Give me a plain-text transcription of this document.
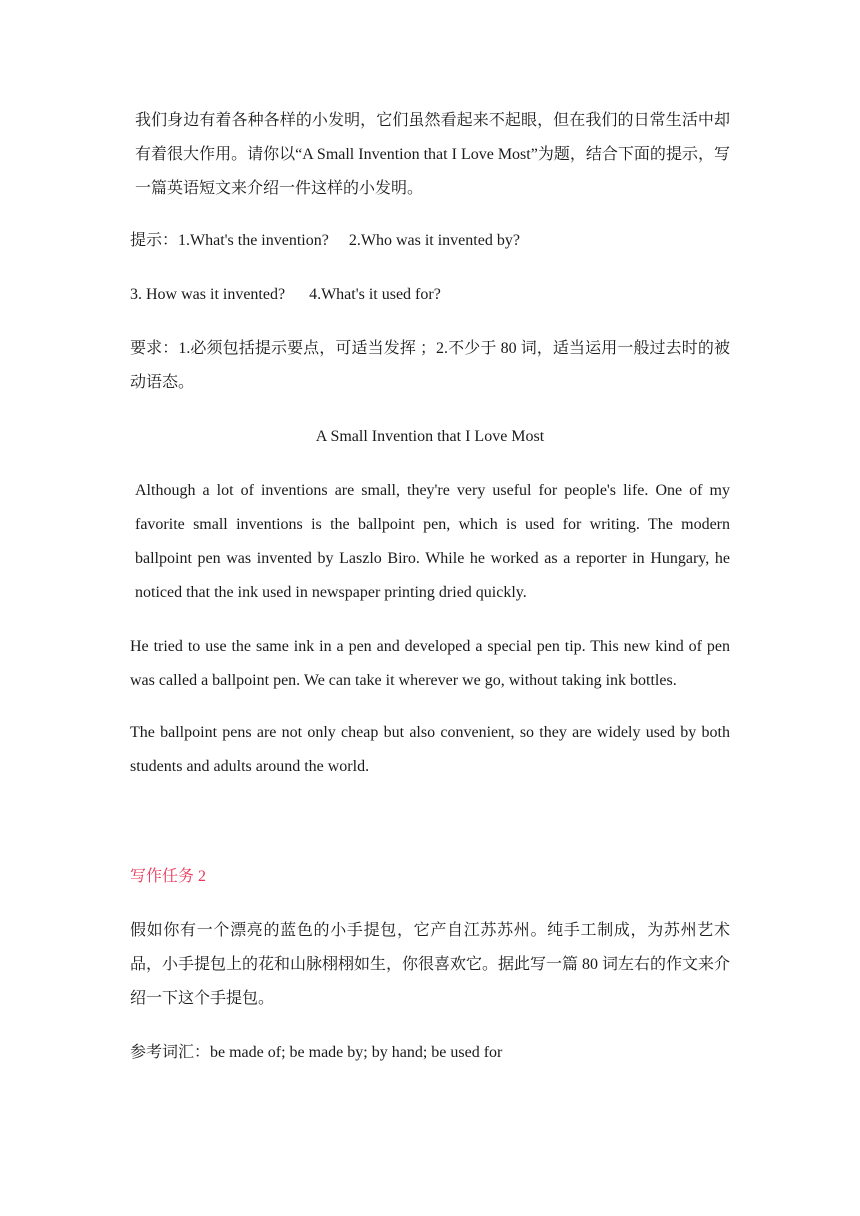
我们身边有着各种各样的小发明，它们虽然看起来不起眼，但在我们的日常生活中却有着很大作用。请你以“A Small Invention that I Love Most”为题，结合下面的提示，写一篇英语短文来介绍一件这样的小发明。

提示：1.What's the invention?     2.Who was it invented by?

3. How was it invented?      4.What's it used for?

要求：1.必须包括提示要点，可适当发挥 ；2.不少于 80 词，适当运用一般过去时的被动语态。

A Small Invention that I Love Most

Although a lot of inventions are small, they're very useful for people's life. One of my favorite small inventions is the ballpoint pen, which is used for writing. The modern ballpoint pen was invented by Laszlo Biro. While he worked as a reporter in Hungary, he noticed that the ink used in newspaper printing dried quickly.

He tried to use the same ink in a pen and developed a special pen tip. This new kind of pen was called a ballpoint pen. We can take it wherever we go, without taking ink bottles.

The ballpoint pens are not only cheap but also convenient, so they are widely used by both students and adults around the world.

写作任务 2

假如你有一个漂亮的蓝色的小手提包，它产自江苏苏州。纯手工制成，为苏州艺术品，小手提包上的花和山脉栩栩如生，你很喜欢它。据此写一篇 80 词左右的作文来介绍一下这个手提包。

参考词汇：be made of; be made by; by hand; be used for
